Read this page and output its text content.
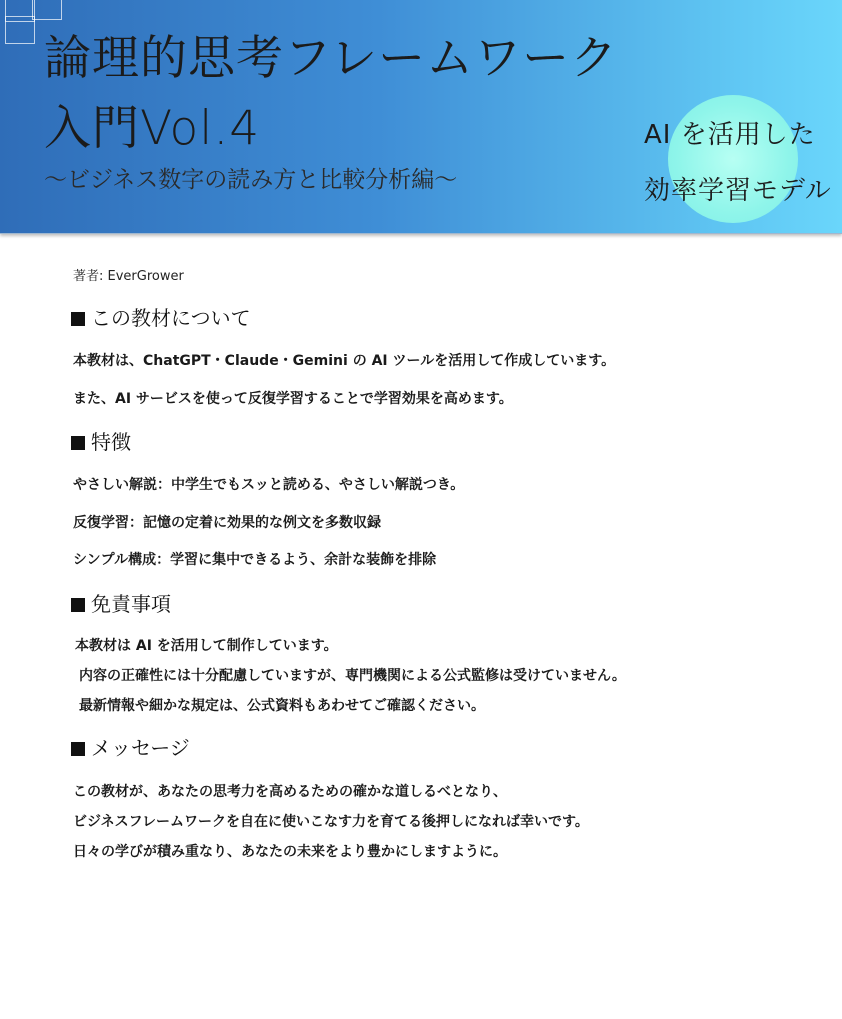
論理的思考フレームワーク入門Vol.4

〜ビジネス数字の読み方と比較分析編〜

AI を活用した
効率学習モデル
著者: EverGrower
この教材について

本教材は、ChatGPT・Claude・Gemini の AI ツールを活用して作成しています。

また、AI サービスを使って反復学習することで学習効果を高めます。

特徴

やさしい解説：中学生でもスッと読める、やさしい解説つき。

反復学習：記憶の定着に効果的な例文を多数収録

シンプル構成：学習に集中できるよう、余計な装飾を排除

免責事項

本教材は AI を活用して制作しています。

内容の正確性には十分配慮していますが、専門機関による公式監修は受けていません。

最新情報や細かな規定は、公式資料もあわせてご確認ください。

メッセージ

この教材が、あなたの思考力を高めるための確かな道しるべとなり、

ビジネスフレームワークを自在に使いこなす力を育てる後押しになれば幸いです。

日々の学びが積み重なり、あなたの未来をより豊かにしますように。
